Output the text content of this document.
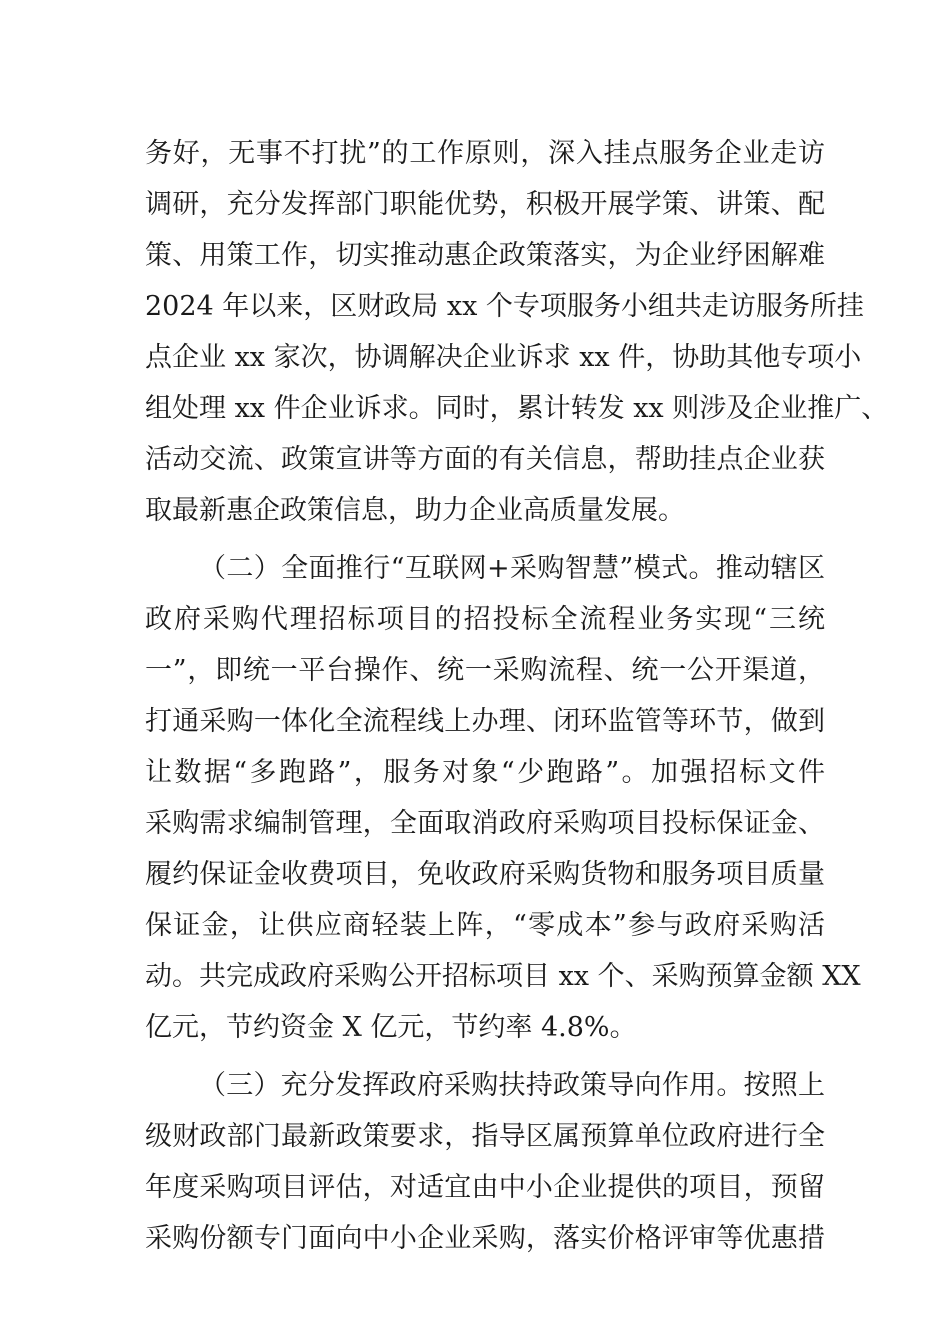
务好，无事不打扰”的工作原则，深入挂点服务企业走访
调研，充分发挥部门职能优势，积极开展学策、讲策、配
策、用策工作，切实推动惠企政策落实，为企业纾困解难
2024 年以来，区财政局 xx 个专项服务小组共走访服务所挂
点企业 xx 家次，协调解决企业诉求 xx 件，协助其他专项小
组处理 xx 件企业诉求。同时，累计转发 xx 则涉及企业推广、
活动交流、政策宣讲等方面的有关信息，帮助挂点企业获
取最新惠企政策信息，助力企业高质量发展。
（二）全面推行“互联网+采购智慧”模式。推动辖区
政府采购代理招标项目的招投标全流程业务实现“三统
一”，即统一平台操作、统一采购流程、统一公开渠道，
打通采购一体化全流程线上办理、闭环监管等环节，做到
让数据“多跑路”，服务对象“少跑路”。加强招标文件
采购需求编制管理，全面取消政府采购项目投标保证金、
履约保证金收费项目，免收政府采购货物和服务项目质量
保证金，让供应商轻装上阵，“零成本”参与政府采购活
动。共完成政府采购公开招标项目 xx 个、采购预算金额 XX
亿元，节约资金 X 亿元，节约率 4.8%。
（三）充分发挥政府采购扶持政策导向作用。按照上
级财政部门最新政策要求，指导区属预算单位政府进行全
年度采购项目评估，对适宜由中小企业提供的项目，预留
采购份额专门面向中小企业采购，落实价格评审等优惠措
